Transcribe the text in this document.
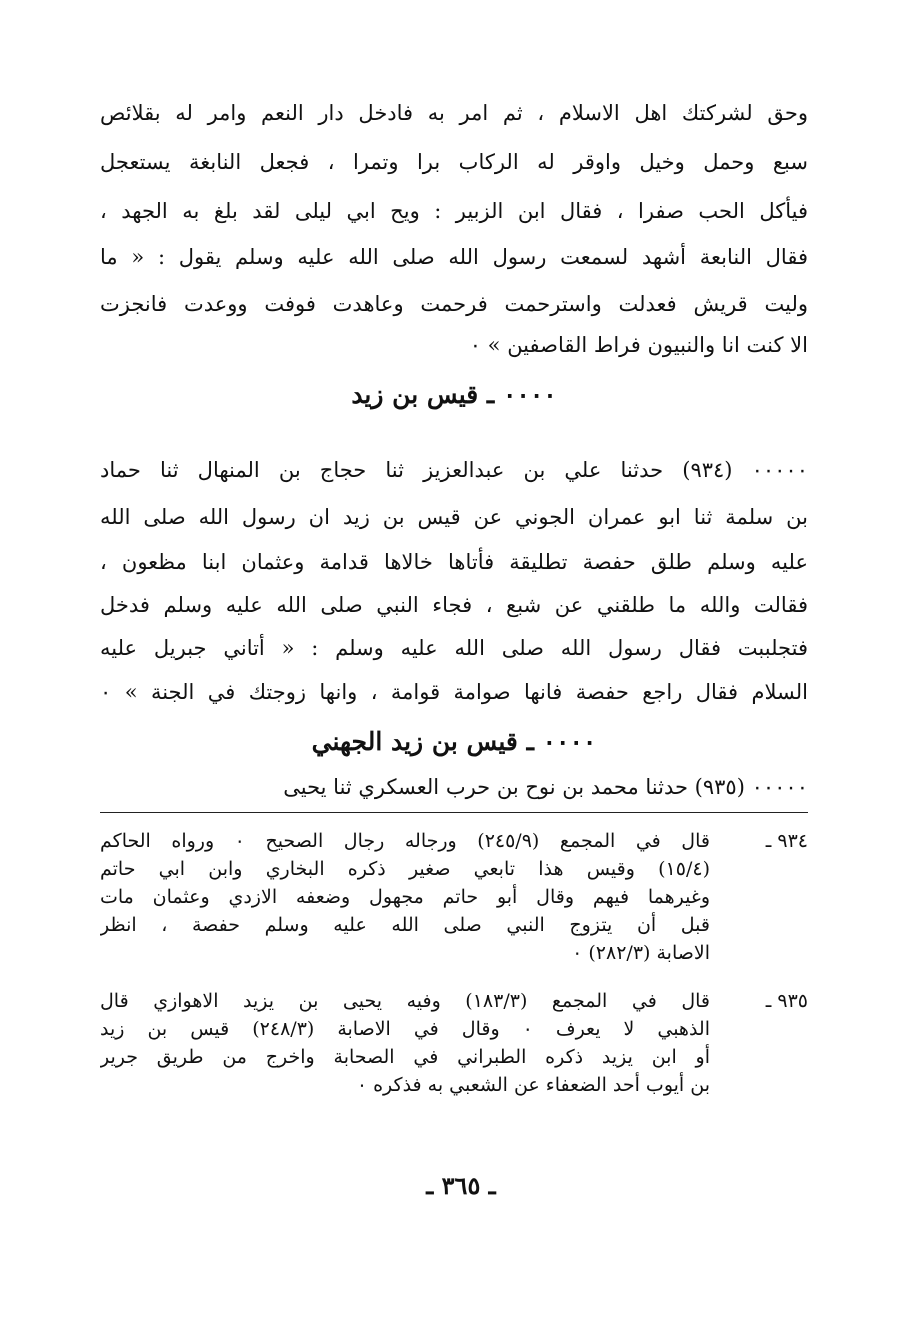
وحق لشركتك اهل الاسلام ، ثم امر به فادخل دار النعم وامر له بقلائص
سبع وحمل وخيل واوقر له الركاب برا وتمرا ، فجعل النابغة يستعجل
فيأكل الحب صفرا ، فقال ابن الزبير : ويح ابي ليلى لقد بلغ به الجهد ،
فقال النابعة أشهد لسمعت رسول الله صلى الله عليه وسلم يقول : « ما
وليت قريش فعدلت واسترحمت فرحمت وعاهدت فوفت ووعدت فانجزت
الا كنت انا والنبيون فراط القاصفين » ٠
٠٠٠٠ ـ قيس بن زيد
٠٠٠٠٠ (٩٣٤) حدثنا علي بن عبدالعزيز ثنا حجاج بن المنهال ثنا حماد
بن سلمة ثنا ابو عمران الجوني عن قيس بن زيد ان رسول الله صلى الله
عليه وسلم طلق حفصة تطليقة فأتاها خالاها قدامة وعثمان ابنا مظعون ،
فقالت والله ما طلقني عن شبع ، فجاء النبي صلى الله عليه وسلم فدخل
فتجلببت فقال رسول الله صلى الله عليه وسلم : « أتاني جبريل عليه
السلام فقال راجع حفصة فانها صوامة قوامة ، وانها زوجتك في الجنة » ٠
٠٠٠٠ ـ قيس بن زيد الجهني
٠٠٠٠٠ (٩٣٥) حدثنا محمد بن نوح بن حرب العسكري ثنا يحيى
٩٣٤ ـ
قال في المجمع (٢٤٥/٩) ورجاله رجال الصحيح ٠ ورواه الحاكم
(١٥/٤) وقيس هذا تابعي صغير ذكره البخاري وابن ابي حاتم
وغيرهما فيهم وقال أبو حاتم مجهول وضعفه الازدي وعثمان مات
قبل أن يتزوج النبي صلى الله عليه وسلم حفصة ، انظر
الاصابة (٢٨٢/٣) ٠
٩٣٥ ـ
قال في المجمع (١٨٣/٣) وفيه يحيى بن يزيد الاهوازي قال
الذهبي لا يعرف ٠ وقال في الاصابة (٢٤٨/٣) قيس بن زيد
أو ابن يزيد ذكره الطبراني في الصحابة واخرج من طريق جرير
بن أيوب أحد الضعفاء عن الشعبي به فذكره ٠
ـ ٣٦٥ ـ
